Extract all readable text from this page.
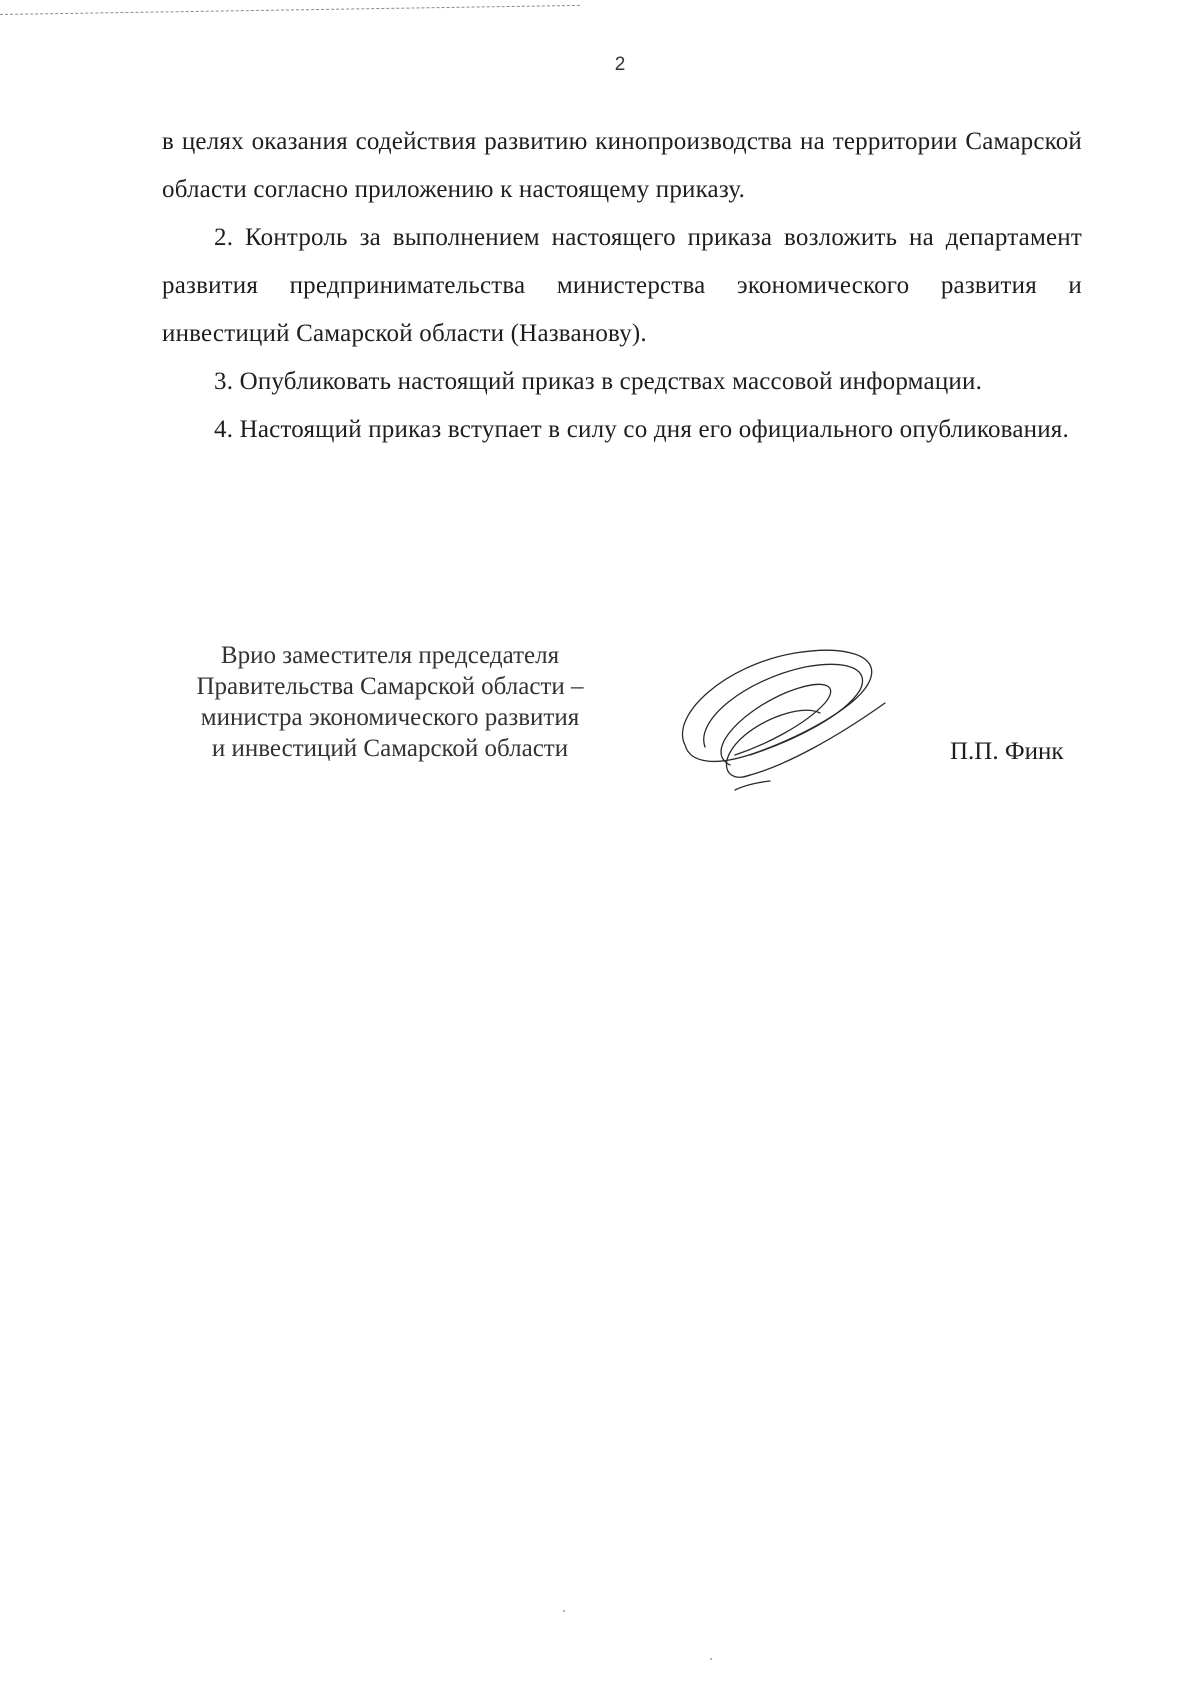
2

в целях оказания содействия развитию кинопроизводства на территории Самарской области согласно приложению к настоящему приказу.

2. Контроль за выполнением настоящего приказа возложить на департамент развития предпринимательства министерства экономического развития и инвестиций Самарской области (Названову).

3. Опубликовать настоящий приказ в средствах массовой информации.

4. Настоящий приказ вступает в силу со дня его официального опубликования.

Врио заместителя председателя
Правительства Самарской области –
министра экономического развития
и инвестиций Самарской области	П.П. Финк
